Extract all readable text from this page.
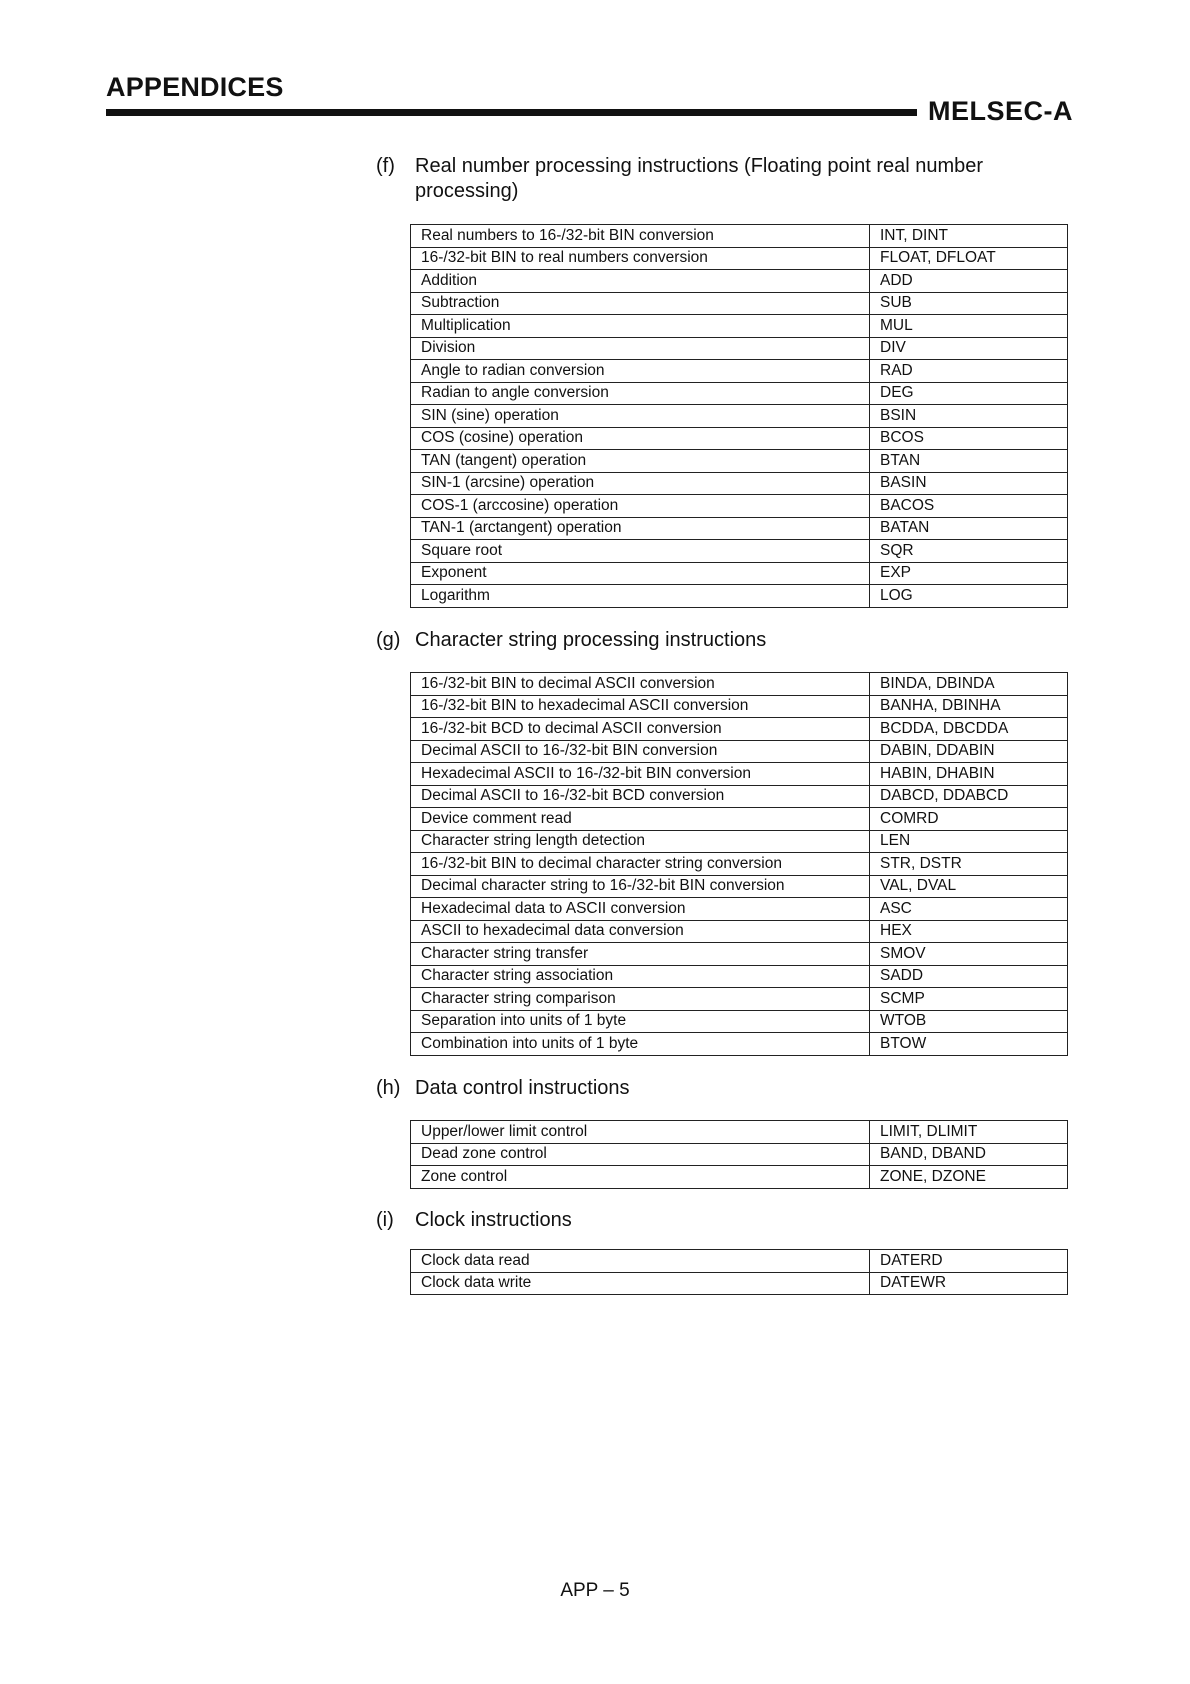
APPENDICES
MELSEC-A
(f) Real number processing instructions (Floating point real number processing)
Real numbers to 16-/32-bit BIN conversion	INT, DINT
16-/32-bit BIN to real numbers conversion	FLOAT, DFLOAT
Addition	ADD
Subtraction	SUB
Multiplication	MUL
Division	DIV
Angle to radian conversion	RAD
Radian to angle conversion	DEG
SIN (sine) operation	BSIN
COS (cosine) operation	BCOS
TAN (tangent) operation	BTAN
SIN-1 (arcsine) operation	BASIN
COS-1 (arccosine) operation	BACOS
TAN-1 (arctangent) operation	BATAN
Square root	SQR
Exponent	EXP
Logarithm	LOG
(g) Character string processing instructions
16-/32-bit BIN to decimal ASCII conversion	BINDA, DBINDA
16-/32-bit BIN to hexadecimal ASCII conversion	BANHA, DBINHA
16-/32-bit BCD to decimal ASCII conversion	BCDDA, DBCDDA
Decimal ASCII to 16-/32-bit BIN conversion	DABIN, DDABIN
Hexadecimal ASCII to 16-/32-bit BIN conversion	HABIN, DHABIN
Decimal ASCII to 16-/32-bit BCD conversion	DABCD, DDABCD
Device comment read	COMRD
Character string length detection	LEN
16-/32-bit BIN to decimal character string conversion	STR, DSTR
Decimal character string to 16-/32-bit BIN conversion	VAL, DVAL
Hexadecimal data to ASCII conversion	ASC
ASCII to hexadecimal data conversion	HEX
Character string transfer	SMOV
Character string association	SADD
Character string comparison	SCMP
Separation into units of 1 byte	WTOB
Combination into units of 1 byte	BTOW
(h) Data control instructions
Upper/lower limit control	LIMIT, DLIMIT
Dead zone control	BAND, DBAND
Zone control	ZONE, DZONE
(i) Clock instructions
Clock data read	DATERD
Clock data write	DATEWR
APP – 5
